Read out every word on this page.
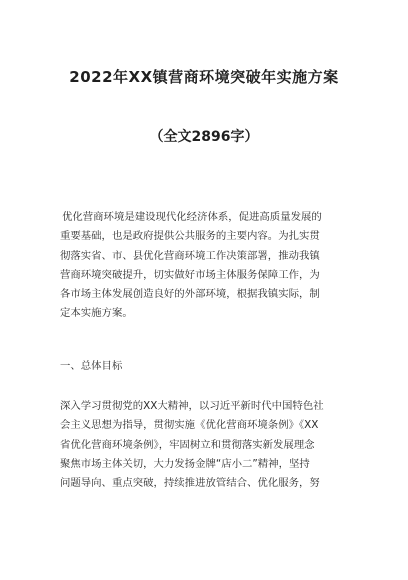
2022年XX镇营商环境突破年实施方案
（全文2896字）
优化营商环境是建设现代化经济体系，促进高质量发展的
重要基础，也是政府提供公共服务的主要内容。为扎实贯
彻落实省、市、县优化营商环境工作决策部署，推动我镇
营商环境突破提升，切实做好市场主体服务保障工作，为
各市场主体发展创造良好的外部环境，根据我镇实际，制
定本实施方案。
一、总体目标
深入学习贯彻党的XX大精神，以习近平新时代中国特色社
会主义思想为指导，贯彻实施《优化营商环境条例》《XX
省优化营商环境条例》，牢固树立和贯彻落实新发展理念
聚焦市场主体关切，大力发扬金牌“店小二”精神，坚持
问题导向、重点突破，持续推进放管结合、优化服务，努
